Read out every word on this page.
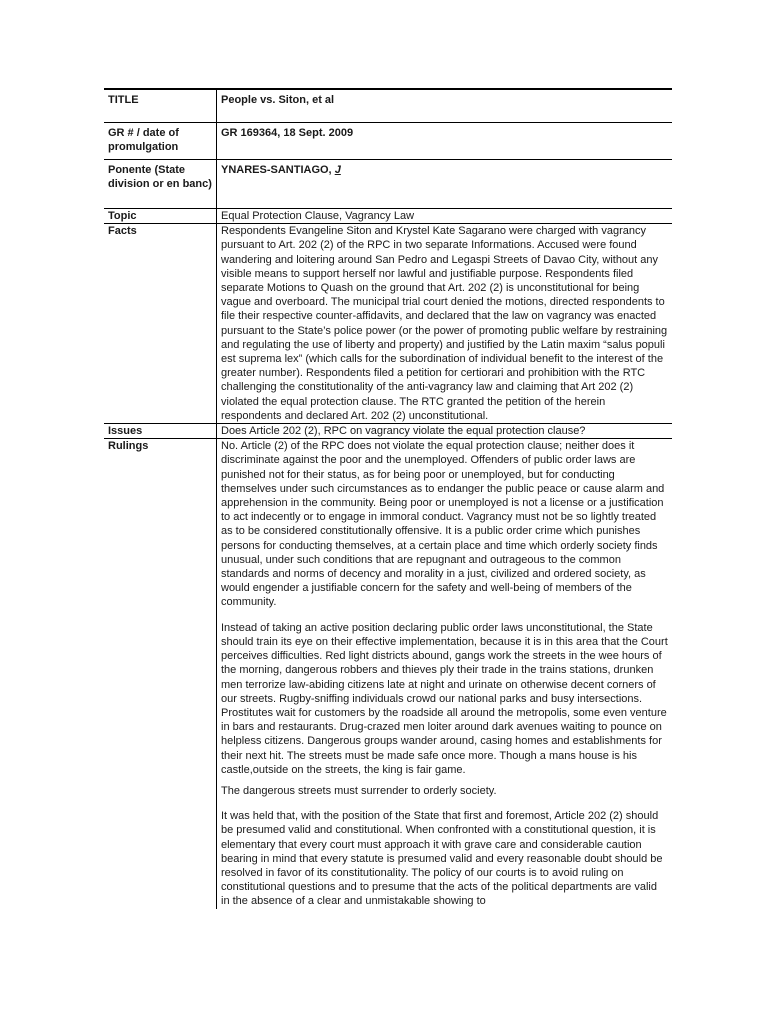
TITLE	People vs. Siton, et al
GR # / date of promulgation	GR 169364, 18 Sept. 2009
Ponente (State division or en banc)	YNARES-SANTIAGO, J
Topic	Equal Protection Clause, Vagrancy Law
Facts	Respondents Evangeline Siton and Krystel Kate Sagarano were charged with vagrancy pursuant to Art. 202 (2) of the RPC in two separate Informations. Accused were found wandering and loitering around San Pedro and Legaspi Streets of Davao City, without any visible means to support herself nor lawful and justifiable purpose. Respondents filed separate Motions to Quash on the ground that Art. 202 (2) is unconstitutional for being vague and overboard. The municipal trial court denied the motions, directed respondents to file their respective counter-affidavits, and declared that the law on vagrancy was enacted pursuant to the State’s police power (or the power of promoting public welfare by restraining and regulating the use of liberty and property) and justified by the Latin maxim “salus populi est suprema lex” (which calls for the subordination of individual benefit to the interest of the greater number). Respondents filed a petition for certiorari and prohibition with the RTC challenging the constitutionality of the anti-vagrancy law and claiming that Art 202 (2) violated the equal protection clause. The RTC granted the petition of the herein respondents and declared Art. 202 (2) unconstitutional.
Issues	Does Article 202 (2), RPC on vagrancy violate the equal protection clause?
Rulings	No. Article (2) of the RPC does not violate the equal protection clause; neither does it discriminate against the poor and the unemployed. Offenders of public order laws are punished not for their status, as for being poor or unemployed, but for conducting themselves under such circumstances as to endanger the public peace or cause alarm and apprehension in the community. Being poor or unemployed is not a license or a justification to act indecently or to engage in immoral conduct. Vagrancy must not be so lightly treated as to be considered constitutionally offensive. It is a public order crime which punishes persons for conducting themselves, at a certain place and time which orderly society finds unusual, under such conditions that are repugnant and outrageous to the common standards and norms of decency and morality in a just, civilized and ordered society, as would engender a justifiable concern for the safety and well-being of members of the community.

Instead of taking an active position declaring public order laws unconstitutional, the State should train its eye on their effective implementation, because it is in this area that the Court perceives difficulties. Red light districts abound, gangs work the streets in the wee hours of the morning, dangerous robbers and thieves ply their trade in the trains stations, drunken men terrorize law-abiding citizens late at night and urinate on otherwise decent corners of our streets. Rugby-sniffing individuals crowd our national parks and busy intersections. Prostitutes wait for customers by the roadside all around the metropolis, some even venture in bars and restaurants. Drug-crazed men loiter around dark avenues waiting to pounce on helpless citizens. Dangerous groups wander around, casing homes and establishments for their next hit. The streets must be made safe once more. Though a mans house is his castle,outside on the streets, the king is fair game.

The dangerous streets must surrender to orderly society.

It was held that, with the position of the State that first and foremost, Article 202 (2) should be presumed valid and constitutional. When confronted with a constitutional question, it is elementary that every court must approach it with grave care and considerable caution bearing in mind that every statute is presumed valid and every reasonable doubt should be resolved in favor of its constitutionality. The policy of our courts is to avoid ruling on constitutional questions and to presume that the acts of the political departments are valid in the absence of a clear and unmistakable showing to
